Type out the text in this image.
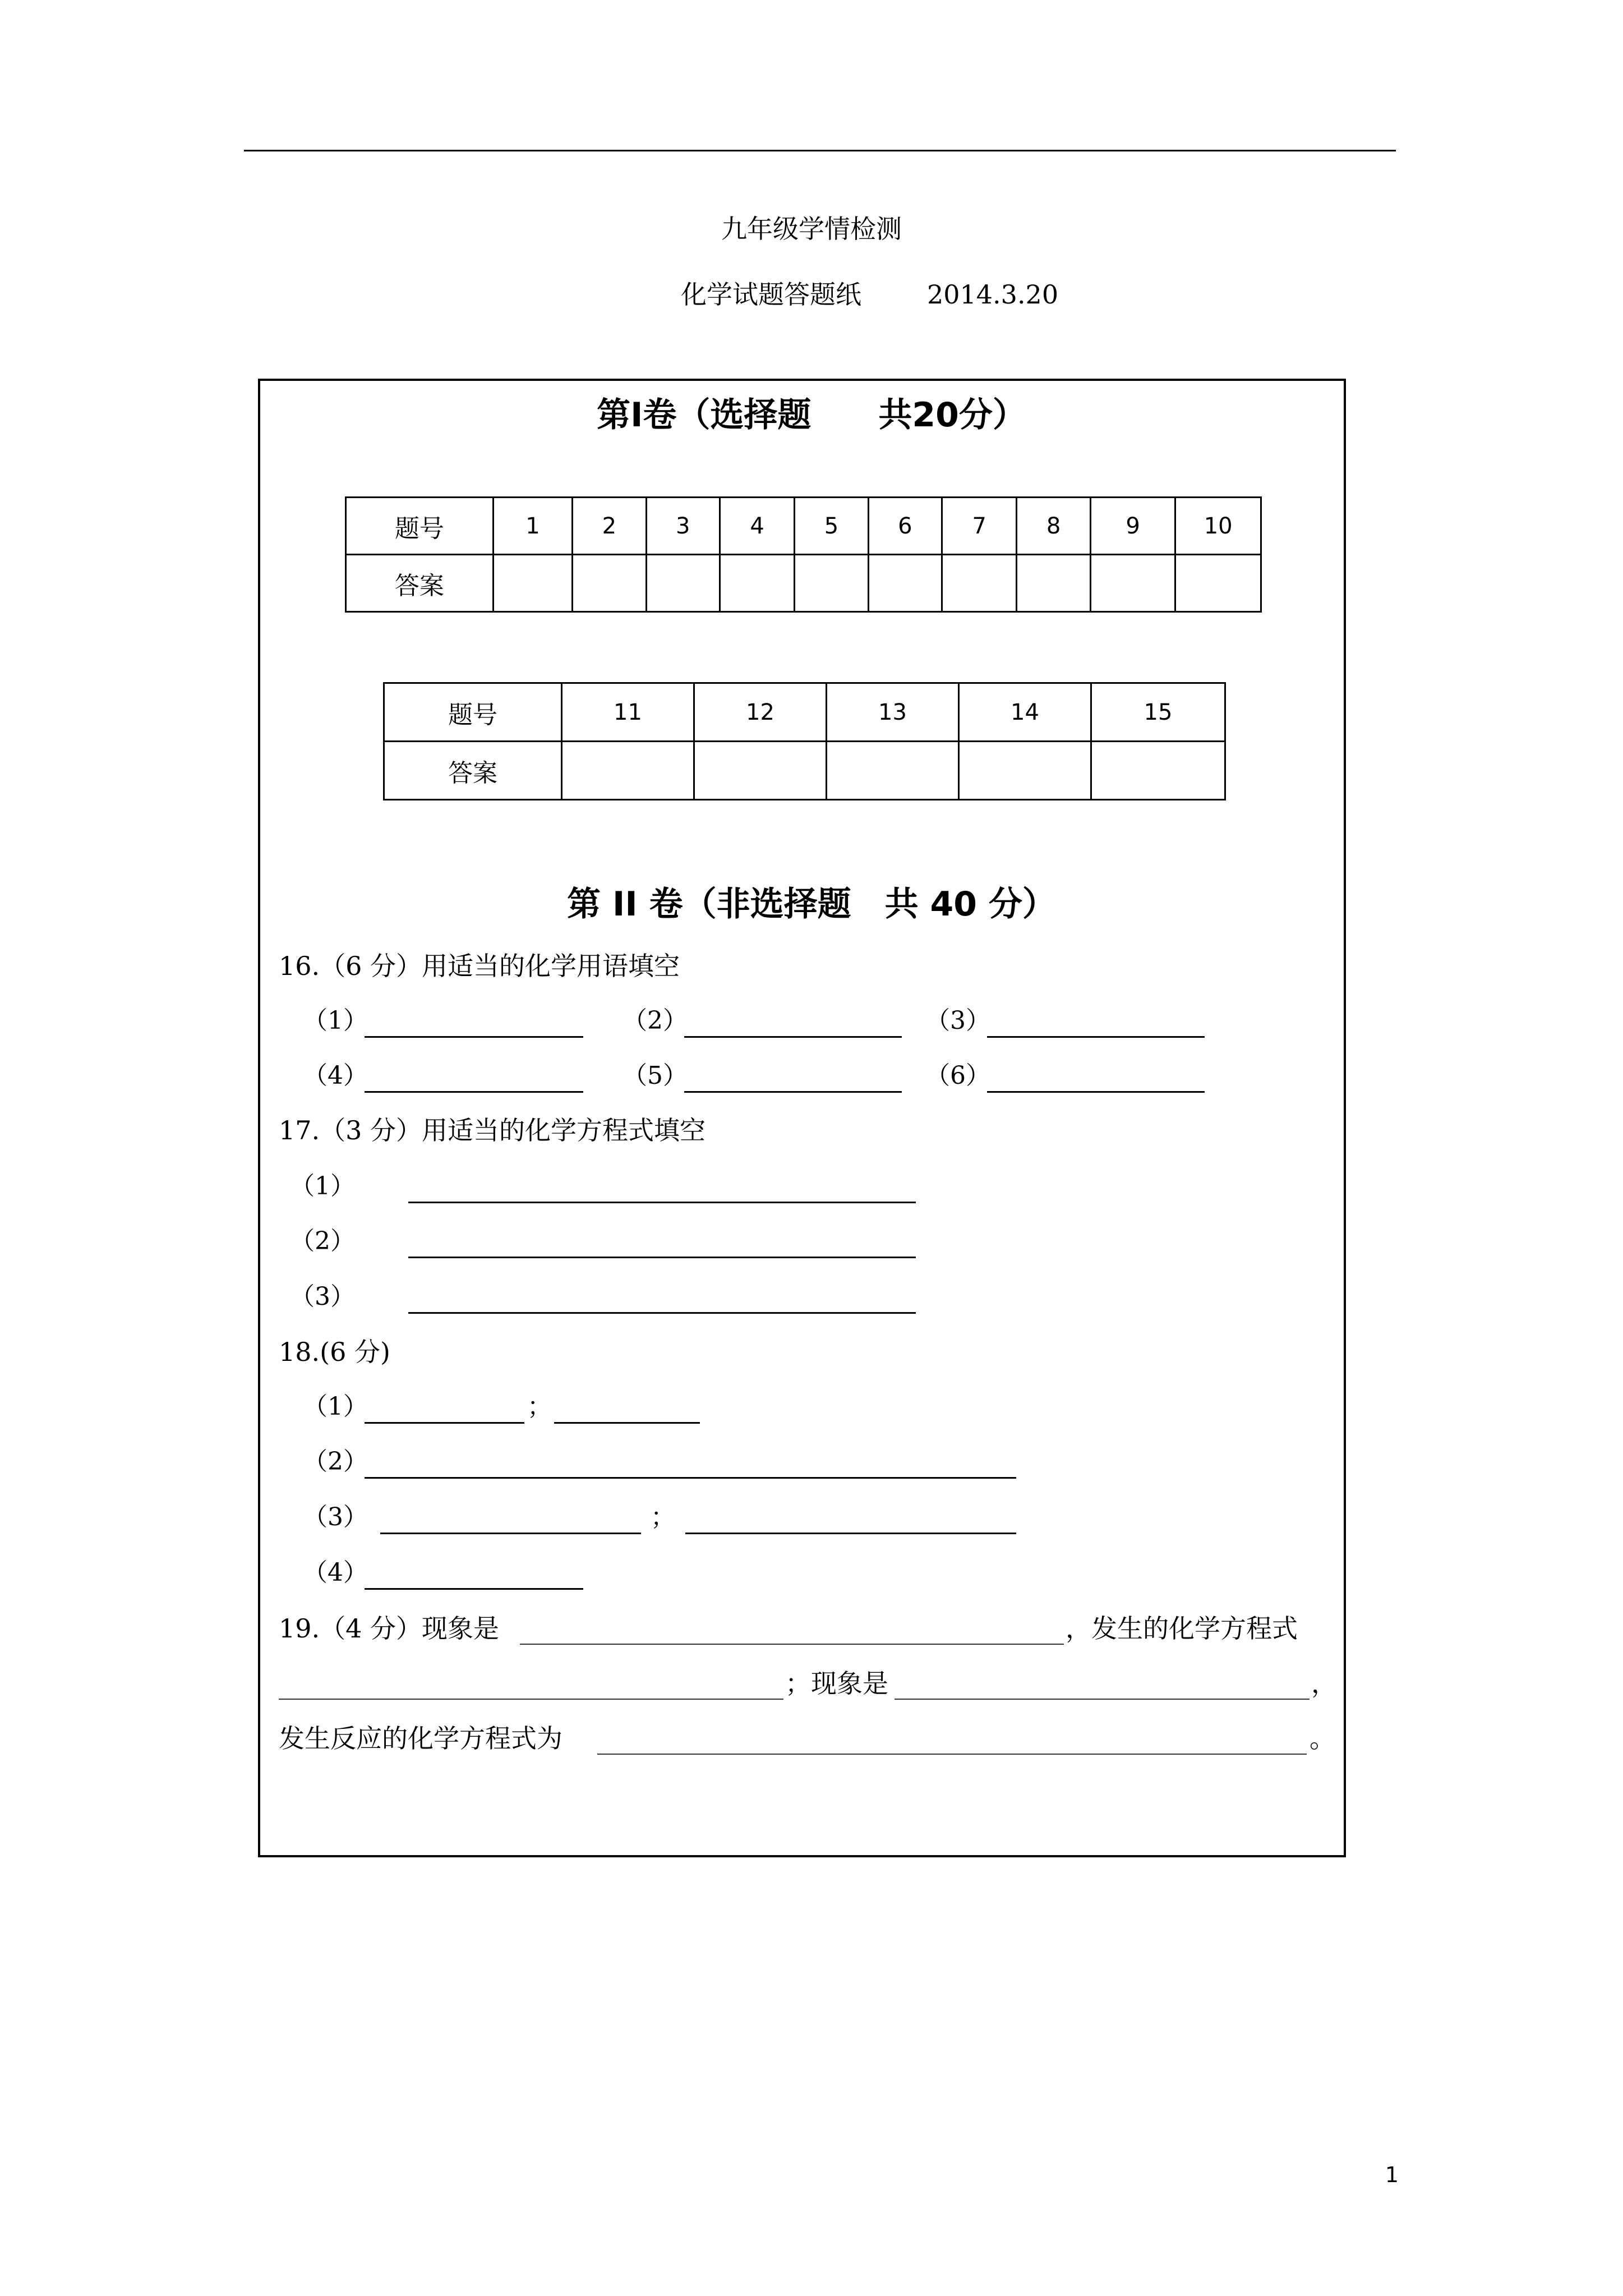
九年级学情检测
化学试题答题纸	2014.3.20
第Ⅰ卷（选择题　　共20分）
题号	1	2	3	4	5	6	7	8	9	10
答案										
题号	11	12	13	14	15
答案					
第 II 卷（非选择题　共 40 分）
16.（6 分）用适当的化学用语填空
（1）	（2）	（3）
（4）	（5）	（6）
17.（3 分）用适当的化学方程式填空
（1）
（2）
（3）
18.(6 分)
（1）	；
（2）
（3）	；
（4）
19.（4 分）现象是	，发生的化学方程式
；现象是	，
发生反应的化学方程式为	。
1
